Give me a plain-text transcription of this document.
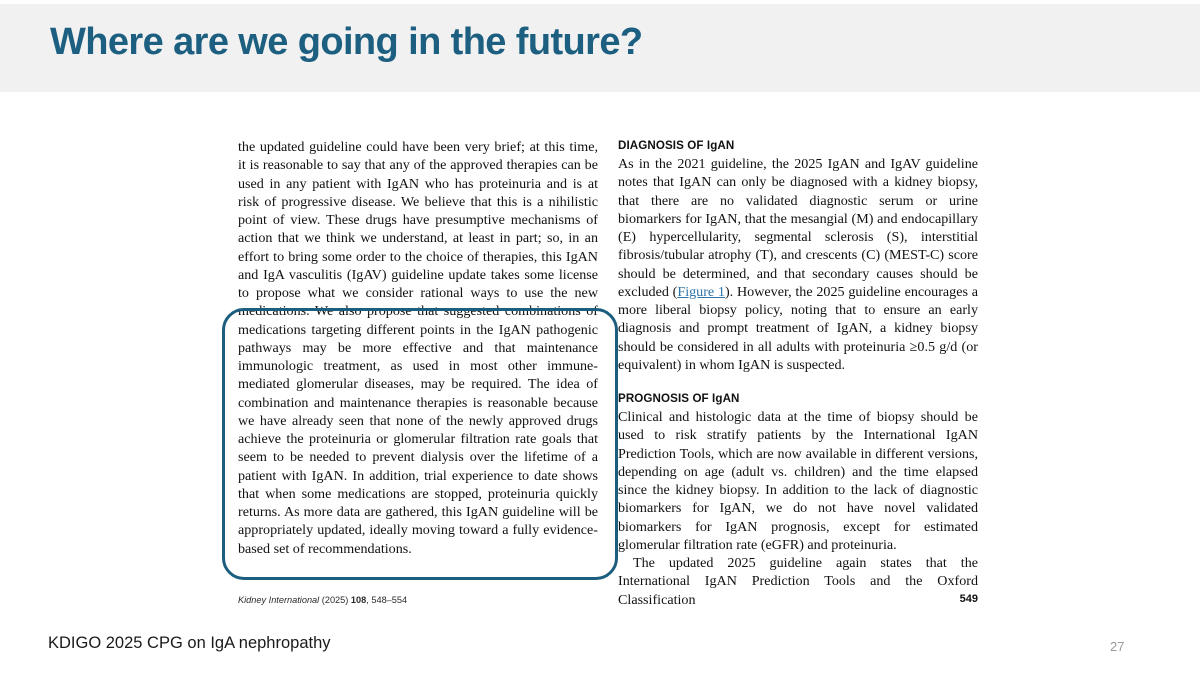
Where are we going in the future?

the updated guideline could have been very brief; at this time, it is reasonable to say that any of the approved therapies can be used in any patient with IgAN who has proteinuria and is at risk of progressive disease. We believe that this is a nihilistic point of view. These drugs have presumptive mechanisms of action that we think we understand, at least in part; so, in an effort to bring some order to the choice of therapies, this IgAN and IgA vasculitis (IgAV) guideline update takes some license to propose what we consider rational ways to use the new medications. We also propose that suggested combinations of medications targeting different points in the IgAN pathogenic pathways may be more effective and that maintenance immunologic treatment, as used in most other immune-mediated glomerular diseases, may be required. The idea of combination and maintenance therapies is reasonable because we have already seen that none of the newly approved drugs achieve the proteinuria or glomerular filtration rate goals that seem to be needed to prevent dialysis over the lifetime of a patient with IgAN. In addition, trial experience to date shows that when some medications are stopped, proteinuria quickly returns. As more data are gathered, this IgAN guideline will be appropriately updated, ideally moving toward a fully evidence-based set of recommendations.

DIAGNOSIS OF IgAN

As in the 2021 guideline, the 2025 IgAN and IgAV guideline notes that IgAN can only be diagnosed with a kidney biopsy, that there are no validated diagnostic serum or urine biomarkers for IgAN, that the mesangial (M) and endocapillary (E) hypercellularity, segmental sclerosis (S), interstitial fibrosis/tubular atrophy (T), and crescents (C) (MEST-C) score should be determined, and that secondary causes should be excluded (Figure 1). However, the 2025 guideline encourages a more liberal biopsy policy, noting that to ensure an early diagnosis and prompt treatment of IgAN, a kidney biopsy should be considered in all adults with proteinuria ≥0.5 g/d (or equivalent) in whom IgAN is suspected.

PROGNOSIS OF IgAN

Clinical and histologic data at the time of biopsy should be used to risk stratify patients by the International IgAN Prediction Tools, which are now available in different versions, depending on age (adult vs. children) and the time elapsed since the kidney biopsy. In addition to the lack of diagnostic biomarkers for IgAN, we do not have novel validated biomarkers for IgAN prognosis, except for estimated glomerular filtration rate (eGFR) and proteinuria.

The updated 2025 guideline again states that the International IgAN Prediction Tools and the Oxford Classification

Kidney International (2025) 108, 548–554	549
KDIGO 2025 CPG on IgA nephropathy	27
